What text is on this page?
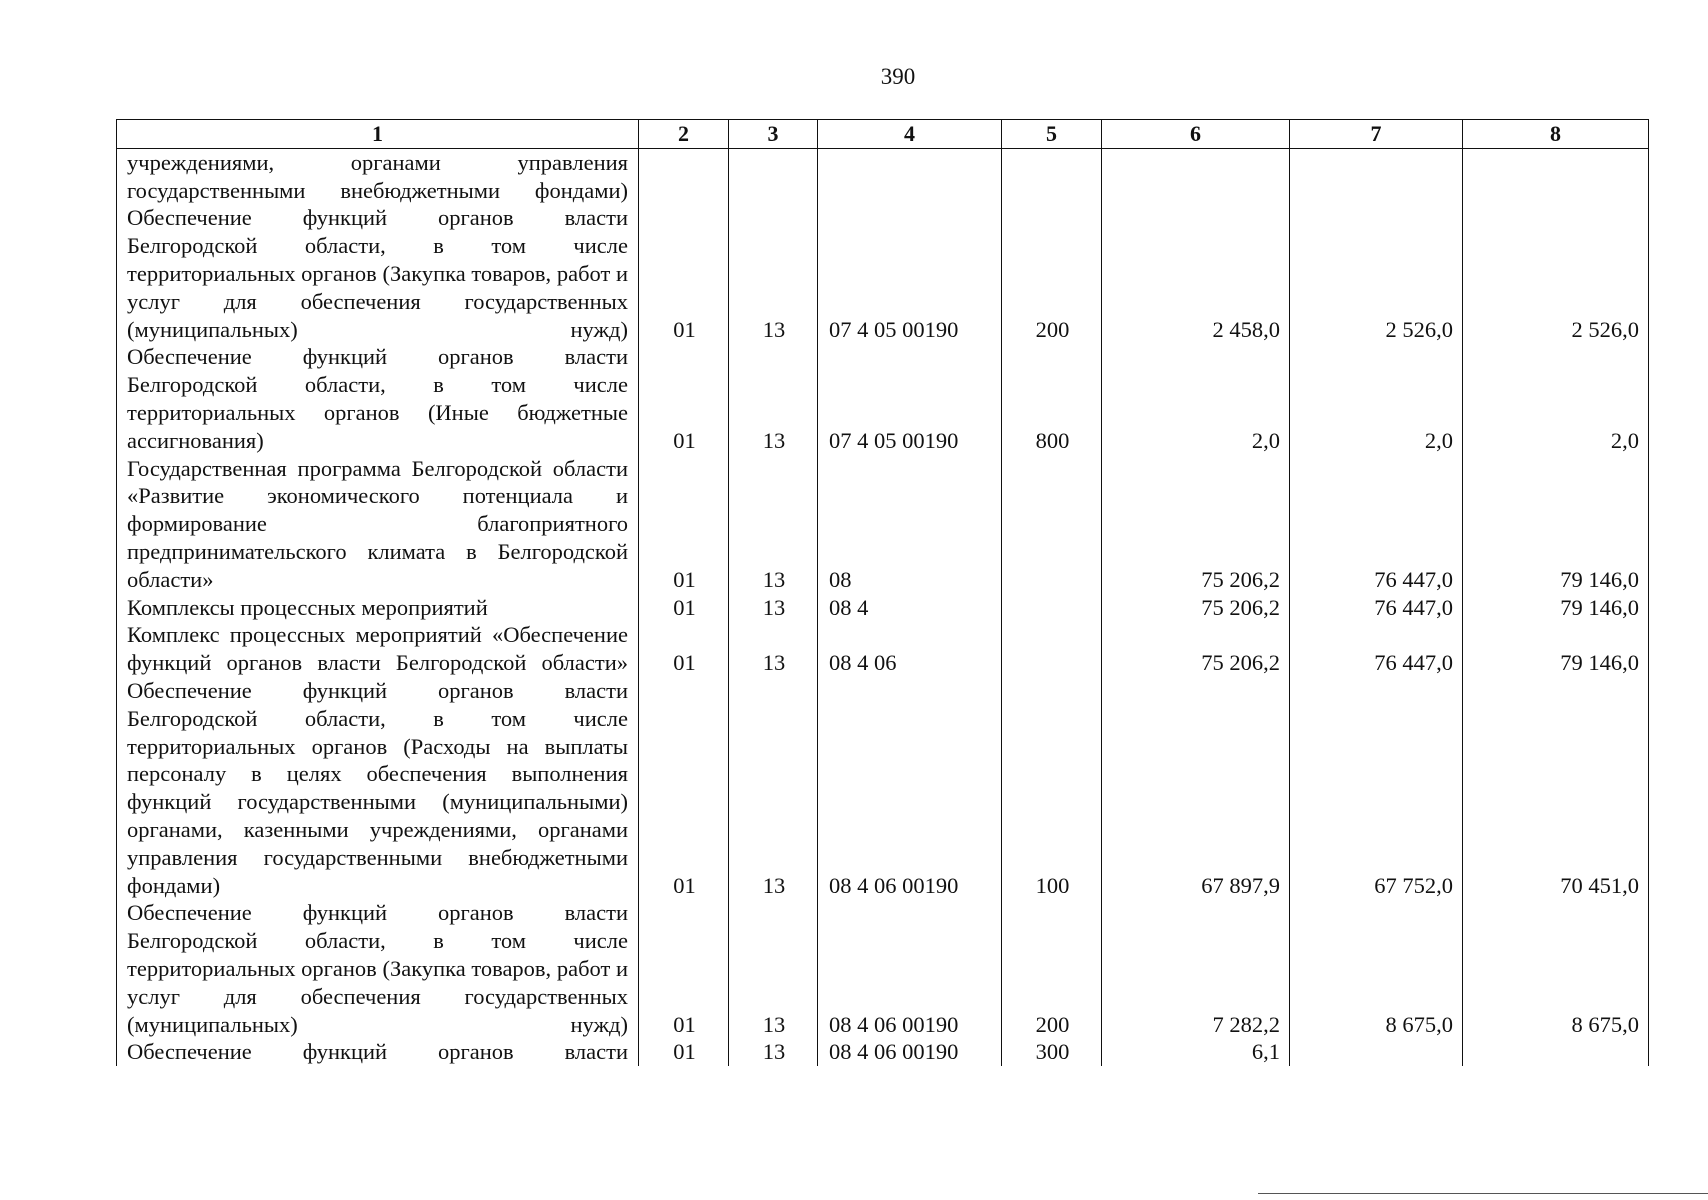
390
1	2	3	4	5	6	7	8
учреждениями, органами управления государственными внебюджетными фондами)							
Обеспечение функций органов власти Белгородской области, в том числе территориальных органов (Закупка товаров, работ и услуг для обеспечения государственных (муниципальных) нужд)	01	13	07 4 05 00190	200	2 458,0	2 526,0	2 526,0
Обеспечение функций органов власти Белгородской области, в том числе территориальных органов (Иные бюджетные ассигнования)	01	13	07 4 05 00190	800	2,0	2,0	2,0
Государственная программа Белгородской области «Развитие экономического потенциала и формирование благоприятного предпринимательского климата в Белгородской области»	01	13	08		75 206,2	76 447,0	79 146,0
Комплексы процессных мероприятий	01	13	08 4		75 206,2	76 447,0	79 146,0
Комплекс процессных мероприятий «Обеспечение функций органов власти Белгородской области»	01	13	08 4 06		75 206,2	76 447,0	79 146,0
Обеспечение функций органов власти Белгородской области, в том числе территориальных органов (Расходы на выплаты персоналу в целях обеспечения выполнения функций государственными (муниципальными) органами, казенными учреждениями, органами управления государственными внебюджетными фондами)	01	13	08 4 06 00190	100	67 897,9	67 752,0	70 451,0
Обеспечение функций органов власти Белгородской области, в том числе территориальных органов (Закупка товаров, работ и услуг для обеспечения государственных (муниципальных) нужд)	01	13	08 4 06 00190	200	7 282,2	8 675,0	8 675,0
Обеспечение функций органов власти	01	13	08 4 06 00190	300	6,1		
